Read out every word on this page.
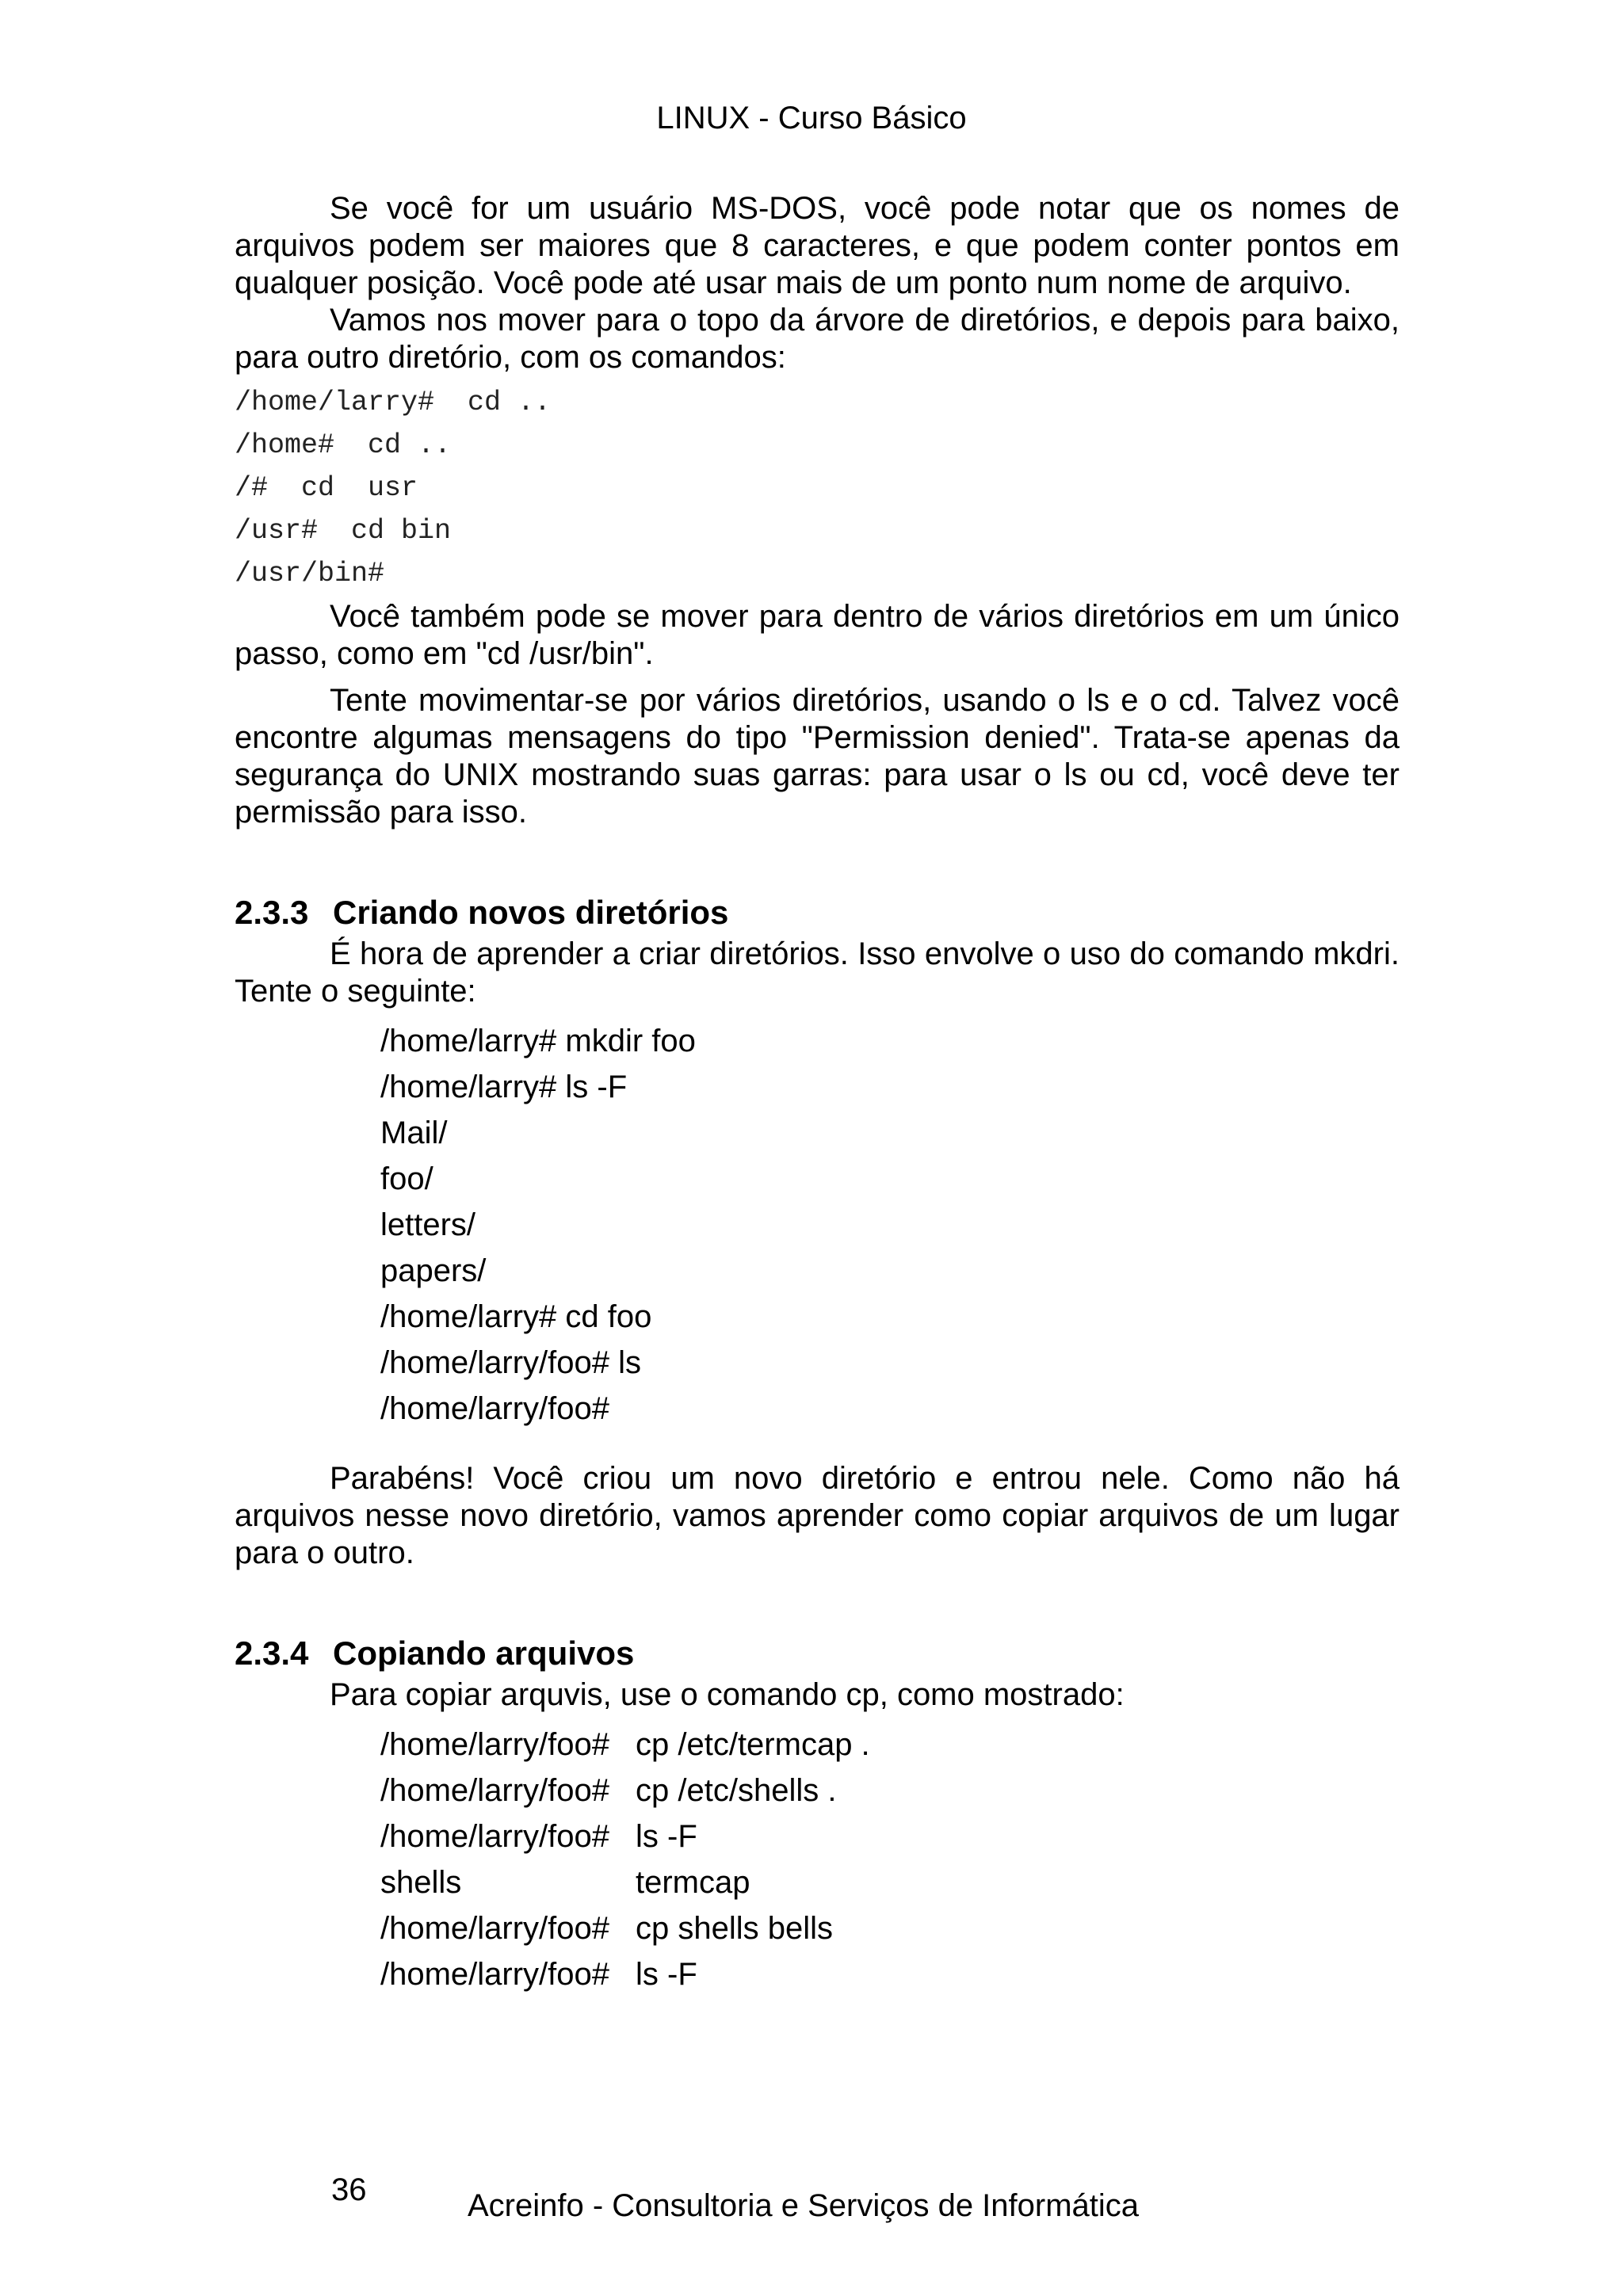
LINUX - Curso Básico

Se você for um usuário MS-DOS, você pode notar que os nomes de arquivos podem ser maiores que 8 caracteres, e que podem conter pontos em qualquer posição. Você pode até usar mais de um ponto num nome de arquivo.

Vamos nos mover para o topo da árvore de diretórios, e depois para baixo, para outro diretório, com os comandos:

/home/larry#  cd ..
/home#  cd ..
/#  cd  usr
/usr#  cd bin
/usr/bin#

Você também pode se mover para dentro de vários diretórios em um único passo, como em "cd /usr/bin".

Tente movimentar-se por vários diretórios, usando o ls e o cd. Talvez você encontre algumas mensagens do tipo "Permission denied". Trata-se apenas da segurança do UNIX mostrando suas garras: para usar o ls ou cd, você deve ter permissão para isso.

2.3.3 Criando novos diretórios

É hora de aprender a criar diretórios. Isso envolve o uso do comando mkdri. Tente o seguinte:

/home/larry# mkdir foo
/home/larry# ls -F
Mail/
foo/
letters/
papers/
/home/larry# cd foo
/home/larry/foo# ls
/home/larry/foo#

Parabéns! Você criou um novo diretório e entrou nele. Como não há arquivos nesse novo diretório, vamos aprender como copiar arquivos de um lugar para o outro.

2.3.4 Copiando arquivos

Para copiar arquvis, use o comando cp, como mostrado:

/home/larry/foo# cp /etc/termcap .
/home/larry/foo# cp /etc/shells .
/home/larry/foo# ls -F
shells	termcap
/home/larry/foo# cp shells bells
/home/larry/foo# ls -F
36	Acreinfo - Consultoria e Serviços de Informática
